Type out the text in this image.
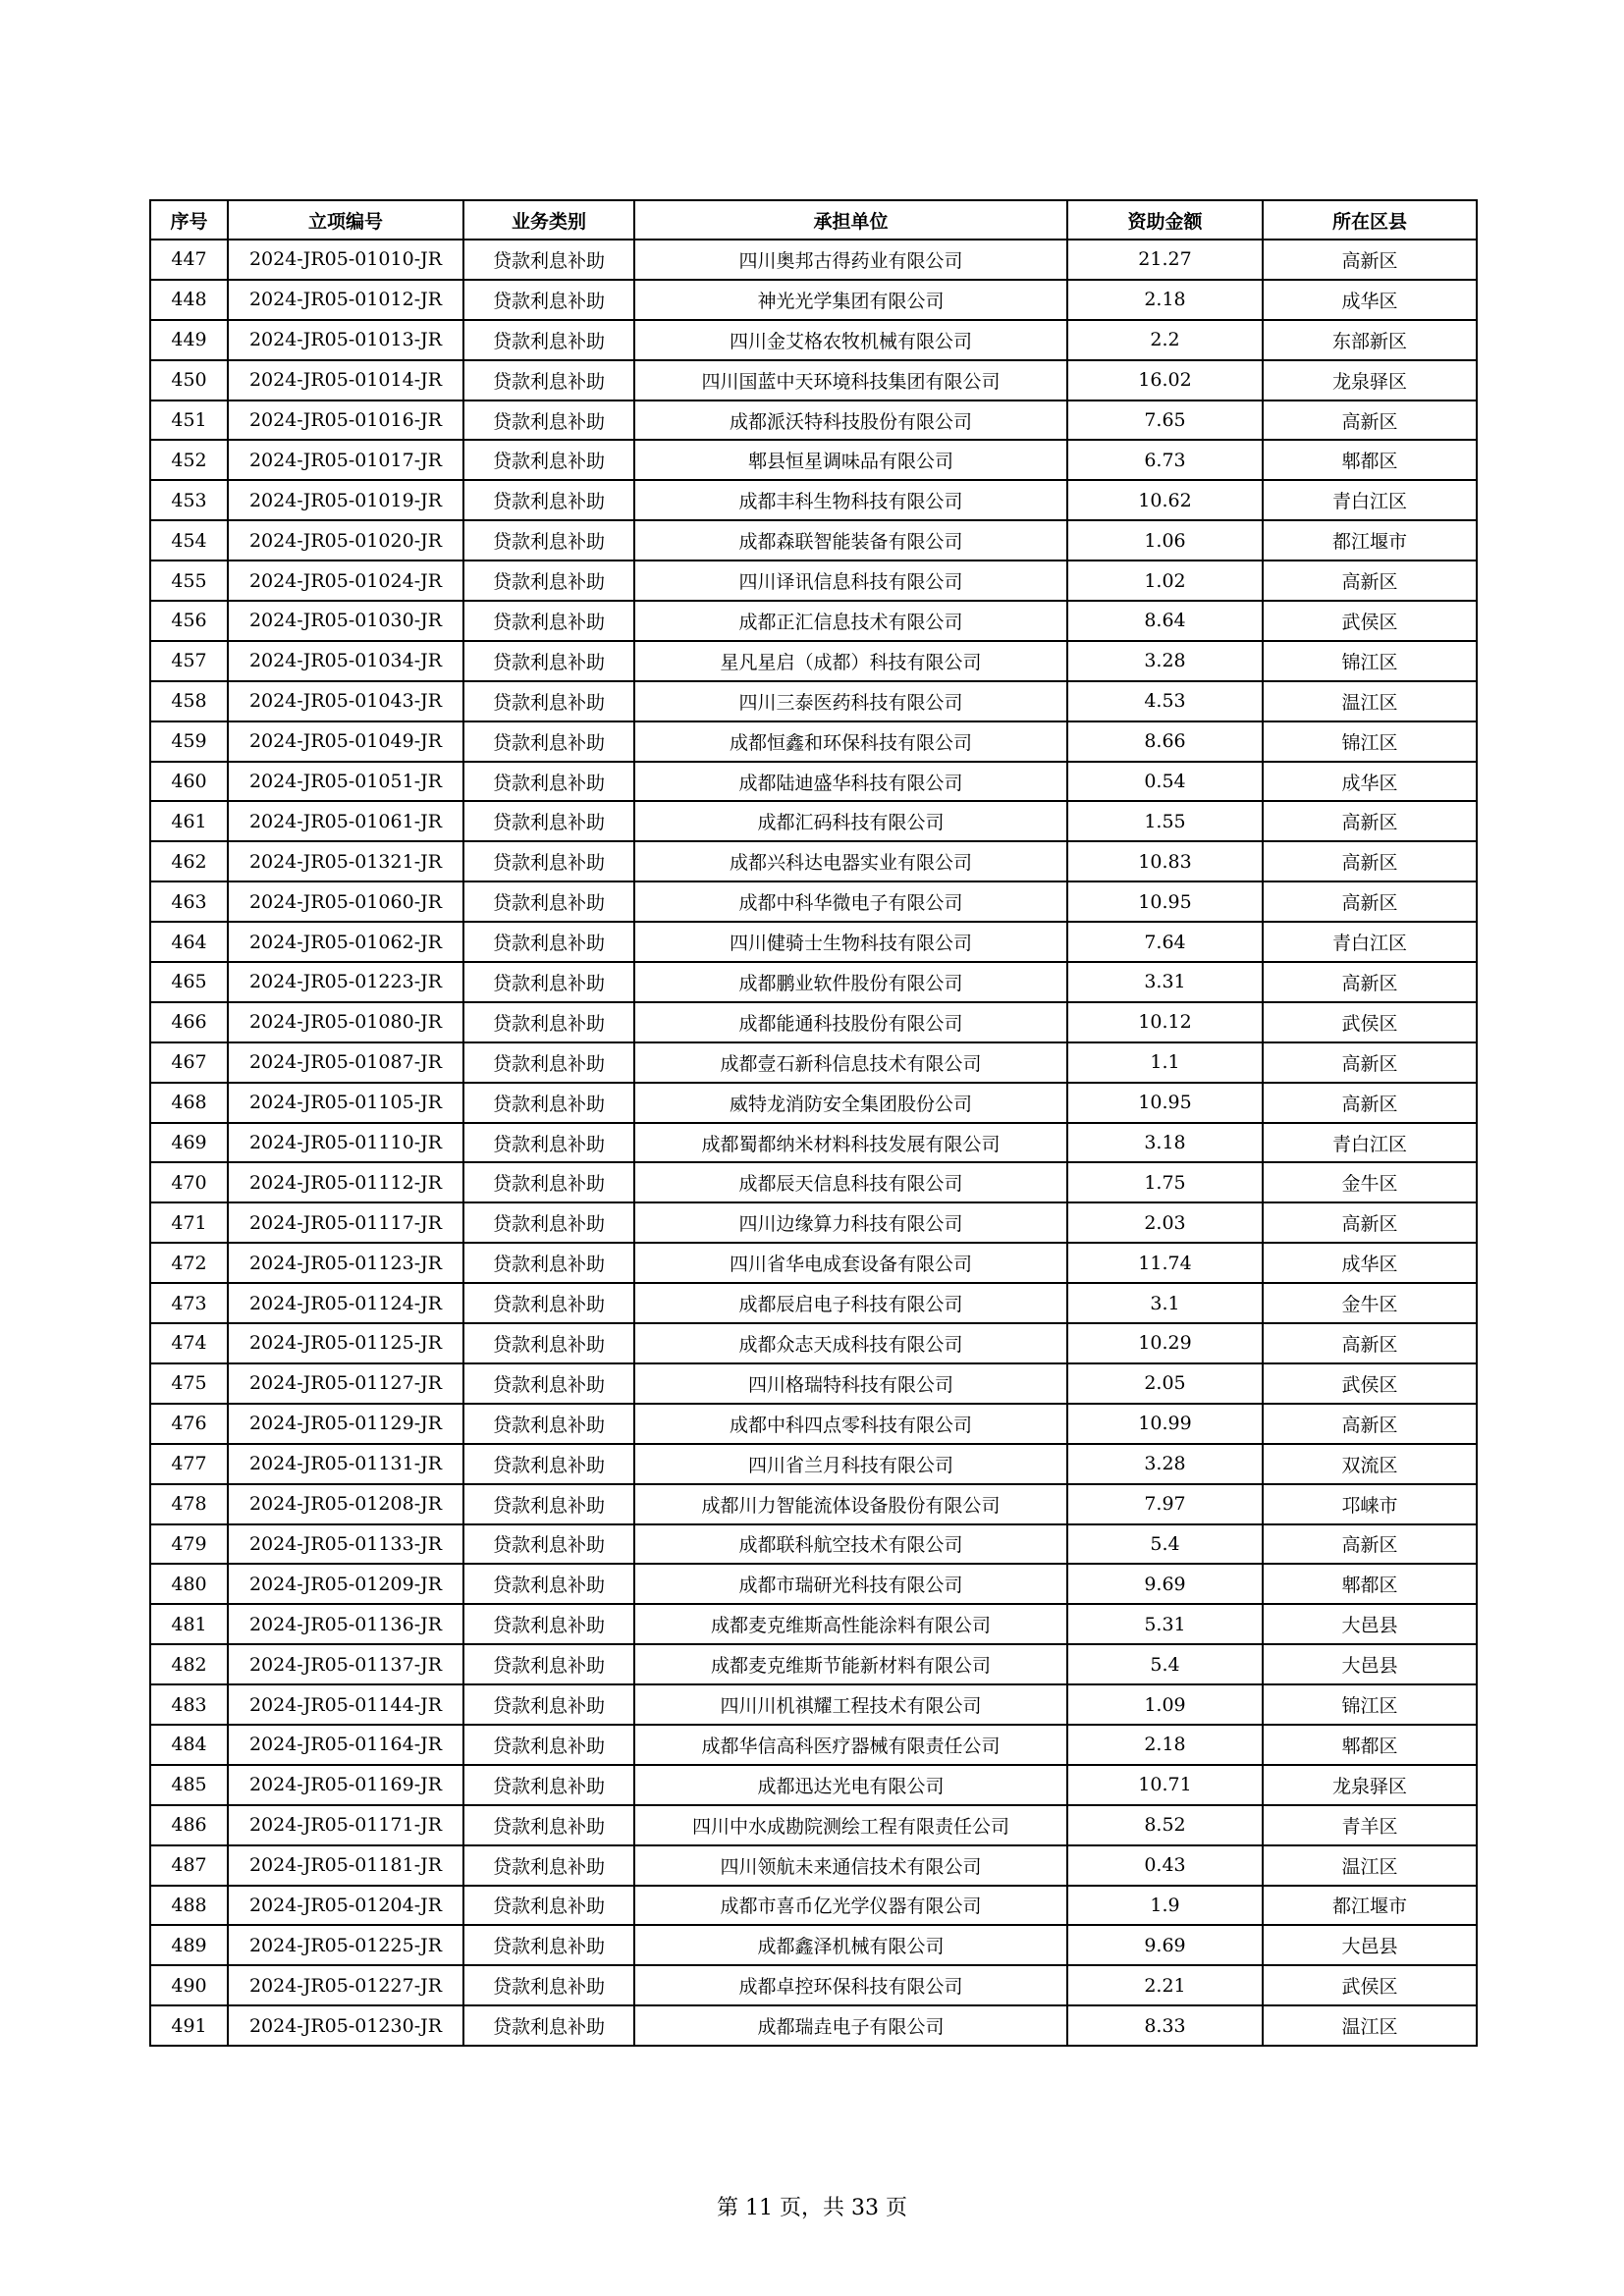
序号	立项编号	业务类别	承担单位	资助金额	所在区县
447	2024-JR05-01010-JR	贷款利息补助	四川奥邦古得药业有限公司	21.27	高新区
448	2024-JR05-01012-JR	贷款利息补助	神光光学集团有限公司	2.18	成华区
449	2024-JR05-01013-JR	贷款利息补助	四川金艾格农牧机械有限公司	2.2	东部新区
450	2024-JR05-01014-JR	贷款利息补助	四川国蓝中天环境科技集团有限公司	16.02	龙泉驿区
451	2024-JR05-01016-JR	贷款利息补助	成都派沃特科技股份有限公司	7.65	高新区
452	2024-JR05-01017-JR	贷款利息补助	郫县恒星调味品有限公司	6.73	郫都区
453	2024-JR05-01019-JR	贷款利息补助	成都丰科生物科技有限公司	10.62	青白江区
454	2024-JR05-01020-JR	贷款利息补助	成都森联智能装备有限公司	1.06	都江堰市
455	2024-JR05-01024-JR	贷款利息补助	四川译讯信息科技有限公司	1.02	高新区
456	2024-JR05-01030-JR	贷款利息补助	成都正汇信息技术有限公司	8.64	武侯区
457	2024-JR05-01034-JR	贷款利息补助	星凡星启（成都）科技有限公司	3.28	锦江区
458	2024-JR05-01043-JR	贷款利息补助	四川三泰医药科技有限公司	4.53	温江区
459	2024-JR05-01049-JR	贷款利息补助	成都恒鑫和环保科技有限公司	8.66	锦江区
460	2024-JR05-01051-JR	贷款利息补助	成都陆迪盛华科技有限公司	0.54	成华区
461	2024-JR05-01061-JR	贷款利息补助	成都汇码科技有限公司	1.55	高新区
462	2024-JR05-01321-JR	贷款利息补助	成都兴科达电器实业有限公司	10.83	高新区
463	2024-JR05-01060-JR	贷款利息补助	成都中科华微电子有限公司	10.95	高新区
464	2024-JR05-01062-JR	贷款利息补助	四川健骑士生物科技有限公司	7.64	青白江区
465	2024-JR05-01223-JR	贷款利息补助	成都鹏业软件股份有限公司	3.31	高新区
466	2024-JR05-01080-JR	贷款利息补助	成都能通科技股份有限公司	10.12	武侯区
467	2024-JR05-01087-JR	贷款利息补助	成都壹石新科信息技术有限公司	1.1	高新区
468	2024-JR05-01105-JR	贷款利息补助	威特龙消防安全集团股份公司	10.95	高新区
469	2024-JR05-01110-JR	贷款利息补助	成都蜀都纳米材料科技发展有限公司	3.18	青白江区
470	2024-JR05-01112-JR	贷款利息补助	成都辰天信息科技有限公司	1.75	金牛区
471	2024-JR05-01117-JR	贷款利息补助	四川边缘算力科技有限公司	2.03	高新区
472	2024-JR05-01123-JR	贷款利息补助	四川省华电成套设备有限公司	11.74	成华区
473	2024-JR05-01124-JR	贷款利息补助	成都辰启电子科技有限公司	3.1	金牛区
474	2024-JR05-01125-JR	贷款利息补助	成都众志天成科技有限公司	10.29	高新区
475	2024-JR05-01127-JR	贷款利息补助	四川格瑞特科技有限公司	2.05	武侯区
476	2024-JR05-01129-JR	贷款利息补助	成都中科四点零科技有限公司	10.99	高新区
477	2024-JR05-01131-JR	贷款利息补助	四川省兰月科技有限公司	3.28	双流区
478	2024-JR05-01208-JR	贷款利息补助	成都川力智能流体设备股份有限公司	7.97	邛崃市
479	2024-JR05-01133-JR	贷款利息补助	成都联科航空技术有限公司	5.4	高新区
480	2024-JR05-01209-JR	贷款利息补助	成都市瑞研光科技有限公司	9.69	郫都区
481	2024-JR05-01136-JR	贷款利息补助	成都麦克维斯高性能涂料有限公司	5.31	大邑县
482	2024-JR05-01137-JR	贷款利息补助	成都麦克维斯节能新材料有限公司	5.4	大邑县
483	2024-JR05-01144-JR	贷款利息补助	四川川机祺耀工程技术有限公司	1.09	锦江区
484	2024-JR05-01164-JR	贷款利息补助	成都华信高科医疗器械有限责任公司	2.18	郫都区
485	2024-JR05-01169-JR	贷款利息补助	成都迅达光电有限公司	10.71	龙泉驿区
486	2024-JR05-01171-JR	贷款利息补助	四川中水成勘院测绘工程有限责任公司	8.52	青羊区
487	2024-JR05-01181-JR	贷款利息补助	四川领航未来通信技术有限公司	0.43	温江区
488	2024-JR05-01204-JR	贷款利息补助	成都市喜币亿光学仪器有限公司	1.9	都江堰市
489	2024-JR05-01225-JR	贷款利息补助	成都鑫泽机械有限公司	9.69	大邑县
490	2024-JR05-01227-JR	贷款利息补助	成都卓控环保科技有限公司	2.21	武侯区
491	2024-JR05-01230-JR	贷款利息补助	成都瑞垚电子有限公司	8.33	温江区
第 11 页，共 33 页
